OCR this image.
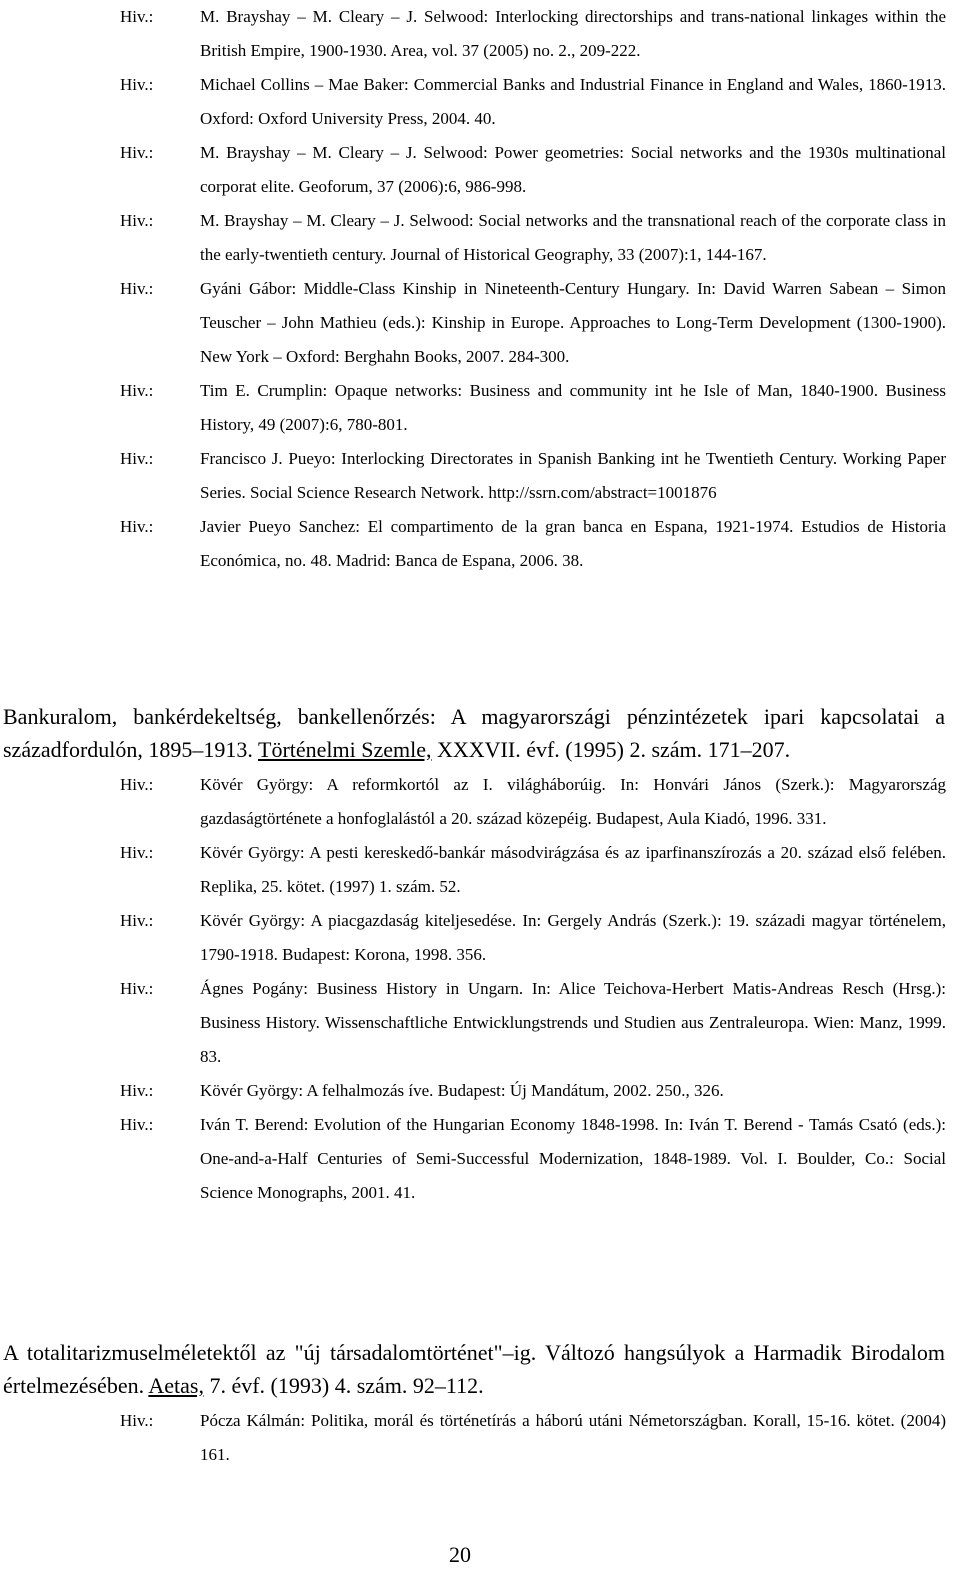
Hiv.:	M. Brayshay – M. Cleary – J. Selwood: Interlocking directorships and trans-national linkages within the British Empire, 1900-1930. Area, vol. 37 (2005) no. 2., 209-222.
Hiv.:	Michael Collins – Mae Baker: Commercial Banks and Industrial Finance in England and Wales, 1860-1913. Oxford: Oxford University Press, 2004. 40.
Hiv.:	M. Brayshay – M. Cleary – J. Selwood: Power geometries: Social networks and the 1930s multinational corporat elite. Geoforum, 37 (2006):6, 986-998.
Hiv.:	M. Brayshay – M. Cleary – J. Selwood: Social networks and the transnational reach of the corporate class in the early-twentieth century. Journal of Historical Geography, 33 (2007):1, 144-167.
Hiv.:	Gyáni Gábor: Middle-Class Kinship in Nineteenth-Century Hungary. In: David Warren Sabean – Simon Teuscher – John Mathieu (eds.): Kinship in Europe. Approaches to Long-Term Development (1300-1900). New York – Oxford: Berghahn Books, 2007. 284-300.
Hiv.:	Tim E. Crumplin: Opaque networks: Business and community int he Isle of Man, 1840-1900. Business History, 49 (2007):6, 780-801.
Hiv.:	Francisco J. Pueyo: Interlocking Directorates in Spanish Banking int he Twentieth Century. Working Paper Series. Social Science Research Network. http://ssrn.com/abstract=1001876
Hiv.:	Javier Pueyo Sanchez: El compartimento de la gran banca en Espana, 1921-1974. Estudios de Historia Económica, no. 48. Madrid: Banca de Espana, 2006. 38.
Bankuralom, bankérdekeltség, bankellenőrzés: A magyarországi pénzintézetek ipari kapcsolatai a századfordulón, 1895–1913. Történelmi Szemle, XXXVII. évf. (1995) 2. szám. 171–207.
Hiv.:	Kövér György: A reformkortól az I. világháborúig. In: Honvári János (Szerk.): Magyarország gazdaságtörténete a honfoglalástól a 20. század közepéig. Budapest, Aula Kiadó, 1996. 331.
Hiv.:	Kövér György: A pesti kereskedő-bankár másodvirágzása és az iparfinanszírozás a 20. század első felében. Replika, 25. kötet. (1997) 1. szám. 52.
Hiv.:	Kövér György: A piacgazdaság kiteljesedése. In: Gergely András (Szerk.): 19. századi magyar történelem, 1790-1918. Budapest: Korona, 1998. 356.
Hiv.:	Ágnes Pogány: Business History in Ungarn. In: Alice Teichova-Herbert Matis-Andreas Resch (Hrsg.): Business History. Wissenschaftliche Entwicklungstrends und Studien aus Zentraleuropa. Wien: Manz, 1999. 83.
Hiv.:	Kövér György: A felhalmozás íve. Budapest: Új Mandátum, 2002. 250., 326.
Hiv.:	Iván T. Berend: Evolution of the Hungarian Economy 1848-1998. In: Iván T. Berend - Tamás Csató (eds.): One-and-a-Half Centuries of Semi-Successful Modernization, 1848-1989. Vol. I. Boulder, Co.: Social Science Monographs, 2001. 41.
A totalitarizmuselméletektől az "új társadalomtörténet"–ig. Változó hangsúlyok a Harmadik Birodalom értelmezésében. Aetas, 7. évf. (1993) 4. szám. 92–112.
Hiv.:	Pócza Kálmán: Politika, morál és történetírás a háború utáni Németországban. Korall, 15-16. kötet. (2004) 161.
20
